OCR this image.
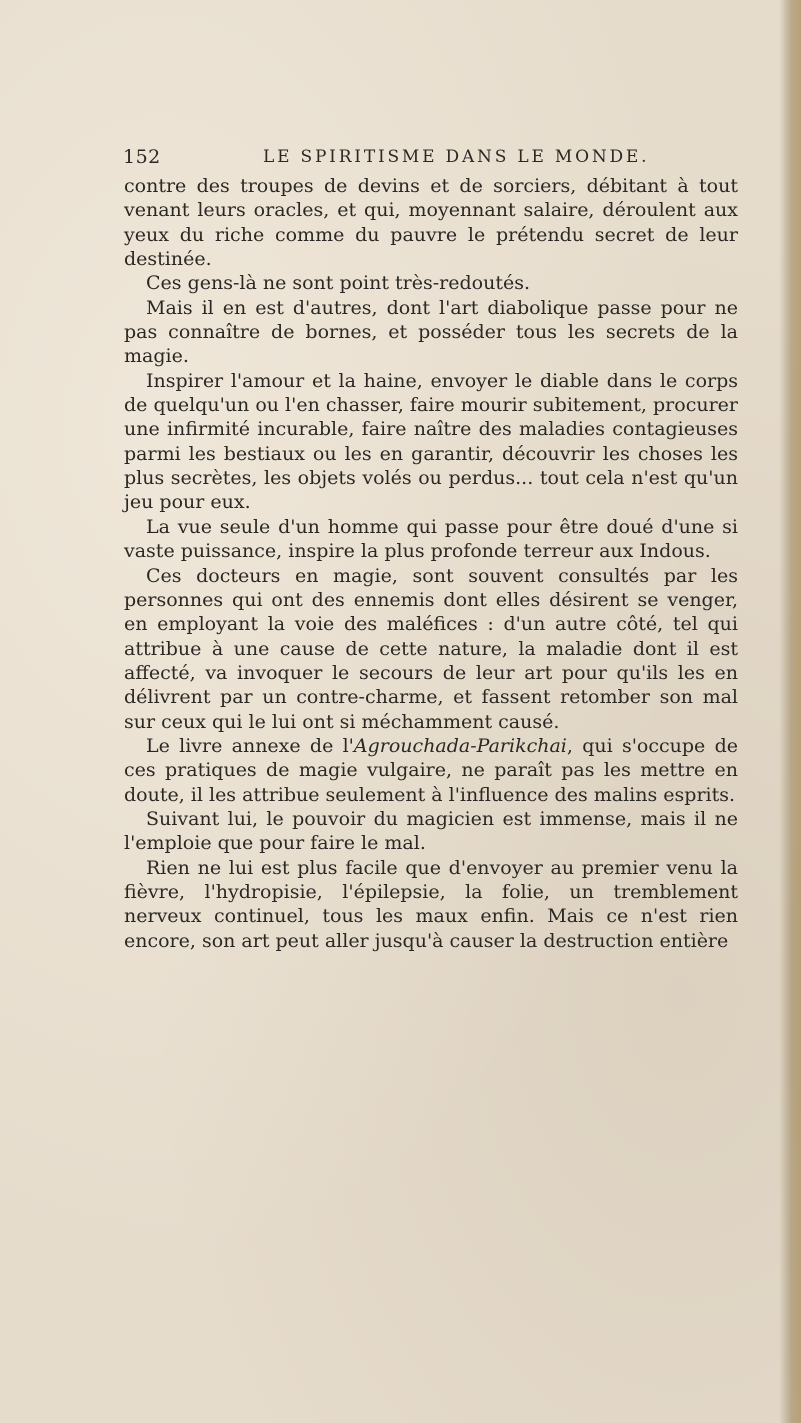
152	LE SPIRITISME DANS LE MONDE.

contre des troupes de devins et de sorciers, débitant à tout venant leurs oracles, et qui, moyennant salaire, déroulent aux yeux du riche comme du pauvre le prétendu secret de leur destinée.

Ces gens-là ne sont point très-redoutés.

Mais il en est d'autres, dont l'art diabolique passe pour ne pas connaître de bornes, et posséder tous les secrets de la magie.

Inspirer l'amour et la haine, envoyer le diable dans le corps de quelqu'un ou l'en chasser, faire mourir subitement, procurer une infirmité incurable, faire naître des maladies contagieuses parmi les bestiaux ou les en garantir, découvrir les choses les plus secrètes, les objets volés ou perdus... tout cela n'est qu'un jeu pour eux.

La vue seule d'un homme qui passe pour être doué d'une si vaste puissance, inspire la plus profonde terreur aux Indous.

Ces docteurs en magie, sont souvent consultés par les personnes qui ont des ennemis dont elles désirent se venger, en employant la voie des maléfices : d'un autre côté, tel qui attribue à une cause de cette nature, la maladie dont il est affecté, va invoquer le secours de leur art pour qu'ils les en délivrent par un contre-charme, et fassent retomber son mal sur ceux qui le lui ont si méchamment causé.

Le livre annexe de l'Agrouchada-Parikchai, qui s'occupe de ces pratiques de magie vulgaire, ne paraît pas les mettre en doute, il les attribue seulement à l'influence des malins esprits.

Suivant lui, le pouvoir du magicien est immense, mais il ne l'emploie que pour faire le mal.

Rien ne lui est plus facile que d'envoyer au premier venu la fièvre, l'hydropisie, l'épilepsie, la folie, un tremblement nerveux continuel, tous les maux enfin. Mais ce n'est rien encore, son art peut aller jusqu'à causer la destruction entière
